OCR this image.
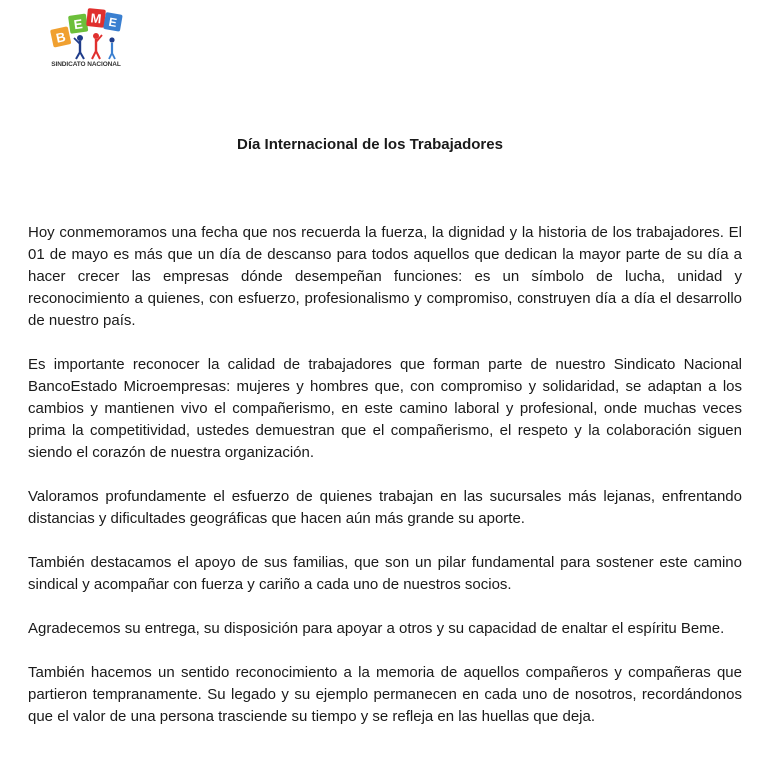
B
E M E
SINDICATO NACIONAL
Día Internacional de los Trabajadores

Hoy conmemoramos una fecha que nos recuerda la fuerza, la dignidad y la historia de los trabajadores. El 01 de mayo es más que un día de descanso para todos aquellos que dedican la mayor parte de su día a hacer crecer las empresas dónde desempeñan funciones: es un símbolo de lucha, unidad y reconocimiento a quienes, con esfuerzo, profesionalismo y compromiso, construyen día a día el desarrollo de nuestro país.

Es importante reconocer la calidad de trabajadores que forman parte de nuestro Sindicato Nacional BancoEstado Microempresas: mujeres y hombres que, con compromiso y solidaridad, se adaptan a los cambios y mantienen vivo el compañerismo, en este camino laboral y profesional, onde muchas veces prima la competitividad, ustedes demuestran que el compañerismo, el respeto y la colaboración siguen siendo el corazón de nuestra organización.

Valoramos profundamente el esfuerzo de quienes trabajan en las sucursales más lejanas, enfrentando distancias y dificultades geográficas que hacen aún más grande su aporte.

También destacamos el apoyo de sus familias, que son un pilar fundamental para sostener este camino sindical y acompañar con fuerza y cariño a cada uno de nuestros socios.

Agradecemos su entrega, su disposición para apoyar a otros y su capacidad de enaltar el espíritu Beme.

También hacemos un sentido reconocimiento a la memoria de aquellos compañeros y compañeras que partieron tempranamente. Su legado y su ejemplo permanecen en cada uno de nosotros, recordándonos que el valor de una persona trasciende su tiempo y se refleja en las huellas que deja.
